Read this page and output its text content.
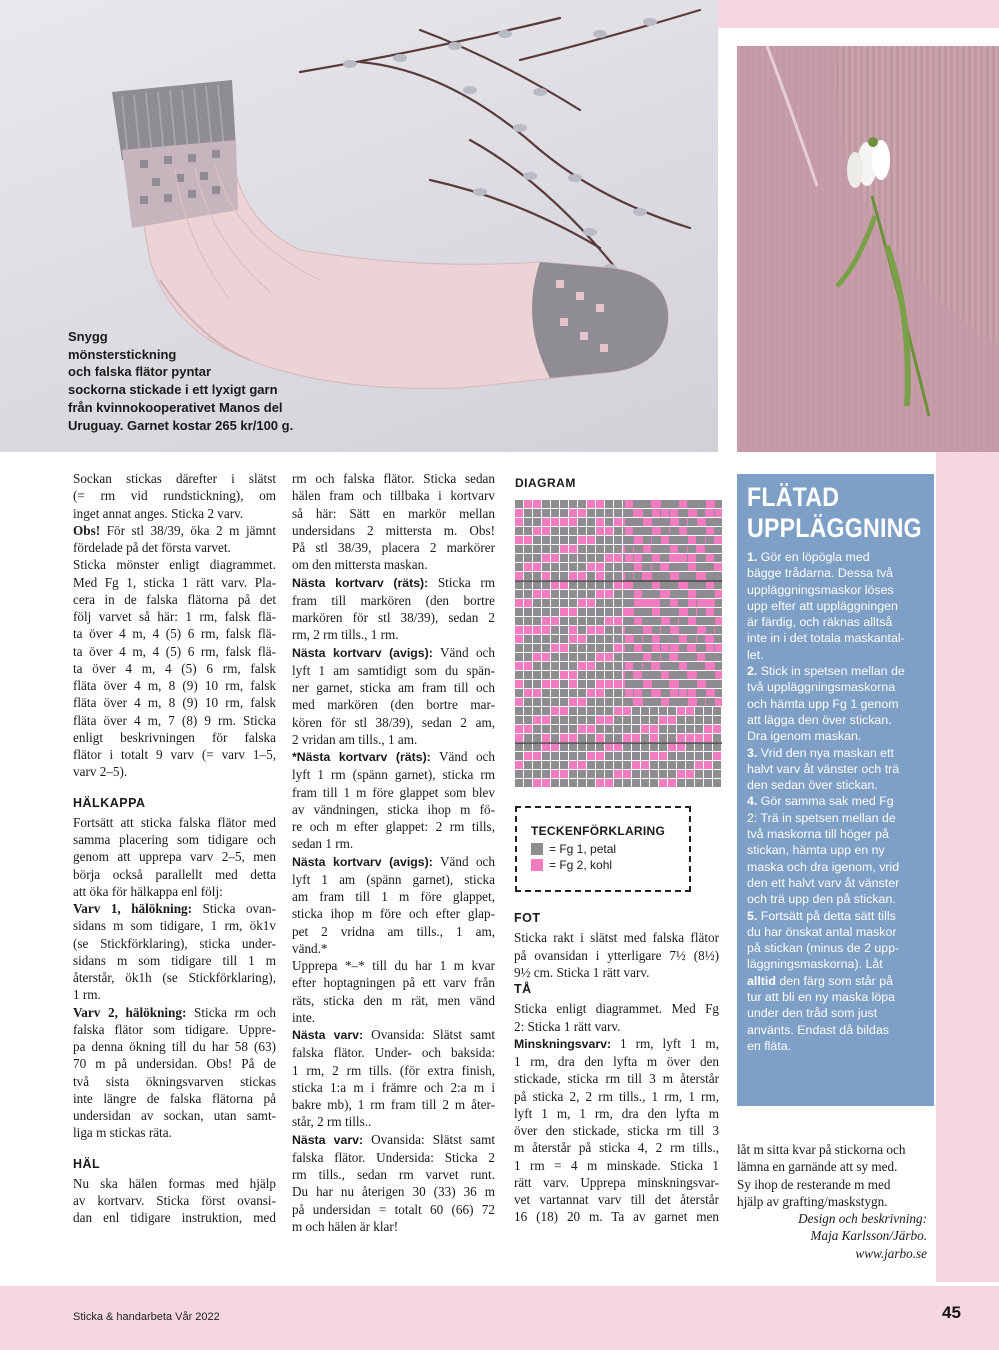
Snygg
mönsterstickning
och falska flätor pyntar
sockorna stickade i ett lyxigt garn
från kvinnokooperativet Manos del
Uruguay. Garnet kostar 265 kr/100 g.
Sockan stickas därefter i slätst
(= rm vid rundstickning), om
inget annat anges. Sticka 2 varv.
Obs! För stl 38/39, öka 2 m jämnt
fördelade på det första varvet.
Sticka mönster enligt diagrammet.
Med Fg 1, sticka 1 rätt varv. Pla-
cera in de falska flätorna på det
följ varvet så här: 1 rm, falsk flä-
ta över 4 m, 4 (5) 6 rm, falsk flä-
ta över 4 m, 4 (5) 6 rm, falsk flä-
ta över 4 m, 4 (5) 6 rm, falsk
fläta över 4 m, 8 (9) 10 rm, falsk
fläta över 4 m, 8 (9) 10 rm, falsk
fläta över 4 m, 7 (8) 9 rm. Sticka
enligt beskrivningen för falska
flätor i totalt 9 varv (= varv 1–5,
varv 2–5).
HÄLKAPPA
Fortsätt att sticka falska flätor med
samma placering som tidigare och
genom att upprepa varv 2–5, men
börja också parallellt med detta
att öka för hälkappa enl följ:
Varv 1, hälökning: Sticka ovan-
sidans m som tidigare, 1 rm, ök1v
(se Stickförklaring), sticka under-
sidans m som tidigare till 1 m
återstår, ök1h (se Stickförklaring),
1 rm.
Varv 2, hälökning: Sticka rm och
falska flätor som tidigare. Uppre-
pa denna ökning till du har 58 (63)
70 m på undersidan. Obs! På de
två sista ökningsvarven stickas
inte längre de falska flätorna på
undersidan av sockan, utan samt-
liga m stickas räta.
HÄL
Nu ska hälen formas med hjälp
av kortvarv. Sticka först ovansi-
dan enl tidigare instruktion, med
rm och falska flätor. Sticka sedan
hälen fram och tillbaka i kortvarv
så här: Sätt en markör mellan
undersidans 2 mittersta m. Obs!
På stl 38/39, placera 2 markörer
om den mittersta maskan.
Nästa kortvarv (räts): Sticka rm
fram till markören (den bortre
markören för stl 38/39), sedan 2
rm, 2 rm tills., 1 rm.
Nästa kortvarv (avigs): Vänd och
lyft 1 am samtidigt som du spän-
ner garnet, sticka am fram till och
med markören (den bortre mar-
kören för stl 38/39), sedan 2 am,
2 vridan am tills., 1 am.
*Nästa kortvarv (räts): Vänd och
lyft 1 rm (spänn garnet), sticka rm
fram till 1 m före glappet som blev
av vändningen, sticka ihop m fö-
re och m efter glappet: 2 rm tills,
sedan 1 rm.
Nästa kortvarv (avigs): Vänd och
lyft 1 am (spänn garnet), sticka
am fram till 1 m före glappet,
sticka ihop m före och efter glap-
pet 2 vridna am tills., 1 am,
vänd.*
Upprepa *–* till du har 1 m kvar
efter hoptagningen på ett varv från
räts, sticka den m rät, men vänd
inte.
Nästa varv: Ovansida: Slätst samt
falska flätor. Under- och baksida:
1 rm, 2 rm tills. (för extra finish,
sticka 1:a m i främre och 2:a m i
bakre mb), 1 rm fram till 2 m åter-
står, 2 rm tills..
Nästa varv: Ovansida: Slätst samt
falska flätor. Undersida: Sticka 2
rm tills., sedan rm varvet runt.
Du har nu återigen 30 (33) 36 m
på undersidan = totalt 60 (66) 72
m och hälen är klar!
DIAGRAM
TECKENFÖRKLARING
= Fg 1, petal
= Fg 2, kohl
FOT
Sticka rakt i slätst med falska flätor
på ovansidan i ytterligare 7½ (8½)
9½ cm. Sticka 1 rätt varv.
TÅ
Sticka enligt diagrammet. Med Fg
2: Sticka 1 rätt varv.
Minskningsvarv: 1 rm, lyft 1 m,
1 rm, dra den lyfta m över den
stickade, sticka rm till 3 m återstår
på sticka 2, 2 rm tills., 1 rm, 1 rm,
lyft 1 m, 1 rm, dra den lyfta m
över den stickade, sticka rm till 3
m återstår på sticka 4, 2 rm tills.,
1 rm = 4 m minskade. Sticka 1
rätt varv. Upprepa minskningsvar-
vet vartannat varv till det återstår
16 (18) 20 m. Ta av garnet men
FLÄTAD
UPPLÄGGNING
1. Gör en löpögla med
bägge trådarna. Dessa två
uppläggningsmaskor löses
upp efter att uppläggningen
är färdig, och räknas alltså
inte in i det totala maskantal-
let.
2. Stick in spetsen mellan de
två uppläggningsmaskorna
och hämta upp Fg 1 genom
att lägga den över stickan.
Dra igenom maskan.
3. Vrid den nya maskan ett
halvt varv åt vänster och trä
den sedan över stickan.
4. Gör samma sak med Fg
2: Trä in spetsen mellan de
två maskorna till höger på
stickan, hämta upp en ny
maska och dra igenom, vrid
den ett halvt varv åt vänster
och trä upp den på stickan.
5. Fortsätt på detta sätt tills
du har önskat antal maskor
på stickan (minus de 2 upp-
läggningsmaskorna). Låt
alltid den färg som står på
tur att bli en ny maska löpa
under den tråd som just
använts. Endast då bildas
en fläta.
låt m sitta kvar på stickorna och
lämna en garnände att sy med.
Sy ihop de resterande m med
hjälp av grafting/maskstygn.
Design och beskrivning:
Maja Karlsson/Järbo.
www.jarbo.se
Sticka & handarbeta Vår 2022	45
